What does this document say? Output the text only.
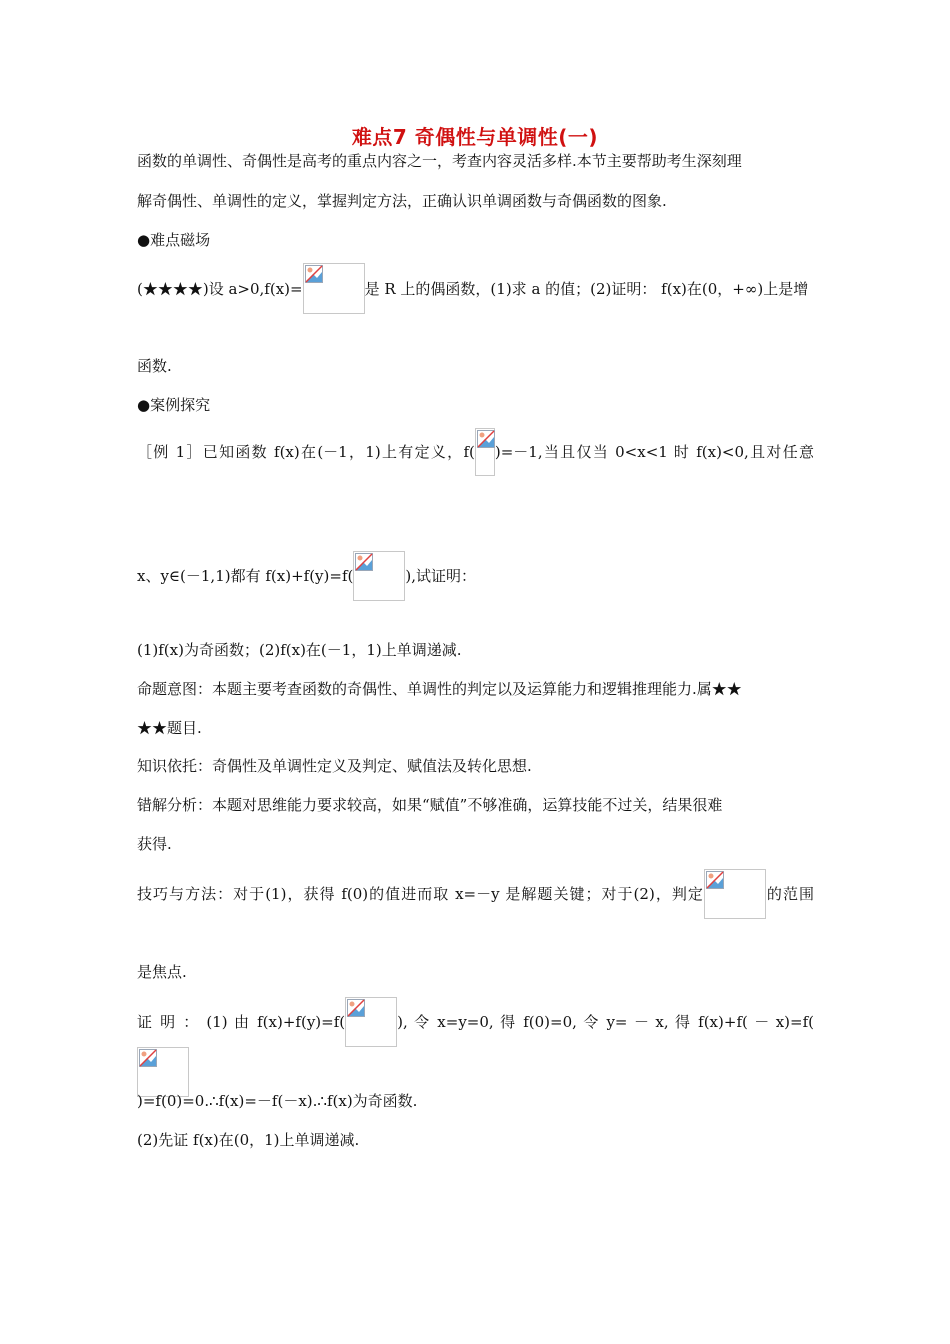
难点7 奇偶性与单调性(一)
函数的单调性、奇偶性是高考的重点内容之一，考查内容灵活多样.本节主要帮助考生深刻理
解奇偶性、单调性的定义，掌握判定方法，正确认识单调函数与奇偶函数的图象.
●难点磁场
(★★★★)设 a>0,f(x)=	是 R 上的偶函数，(1)求 a 的值；(2)证明： f(x)在(0，+∞)上是增
函数.
●案例探究
［例 1］已知函数 f(x)在(－1，1)上有定义，f( )=－1,当且仅当 0<x<1 时 f(x)<0,且对任意
x、y∈(－1,1)都有 f(x)+f(y)=f(	),试证明：
(1)f(x)为奇函数；(2)f(x)在(－1，1)上单调递减.
命题意图：本题主要考查函数的奇偶性、单调性的判定以及运算能力和逻辑推理能力.属★★
★★题目.
知识依托：奇偶性及单调性定义及判定、赋值法及转化思想.
错解分析：本题对思维能力要求较高，如果“赋值”不够准确，运算技能不过关，结果很难
获得.
技巧与方法：对于(1)，获得 f(0)的值进而取 x=－y 是解题关键；对于(2)，判定	的范围
是焦点.
证 明 ： (1) 由 f(x)+f(y)=f(	), 令 x=y=0, 得 f(0)=0, 令 y= － x, 得 f(x)+f( － x)=f(
)=f(0)=0.∴f(x)=－f(－x).∴f(x)为奇函数.
(2)先证 f(x)在(0，1)上单调递减.
